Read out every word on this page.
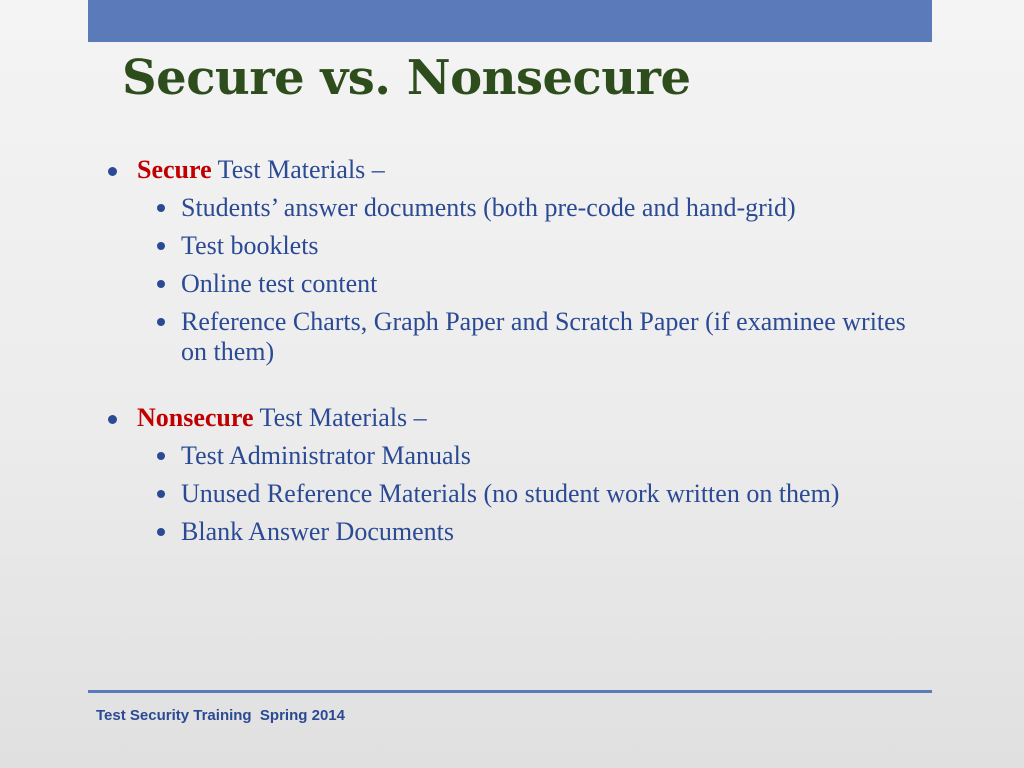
Secure vs. Nonsecure
Secure Test Materials –
Students’ answer documents (both pre-code and hand-grid)
Test booklets
Online test content
Reference Charts, Graph Paper and Scratch Paper (if examinee writes on them)
Nonsecure Test Materials –
Test Administrator Manuals
Unused Reference Materials (no student work written on them)
Blank Answer Documents
Test Security Training  Spring 2014
